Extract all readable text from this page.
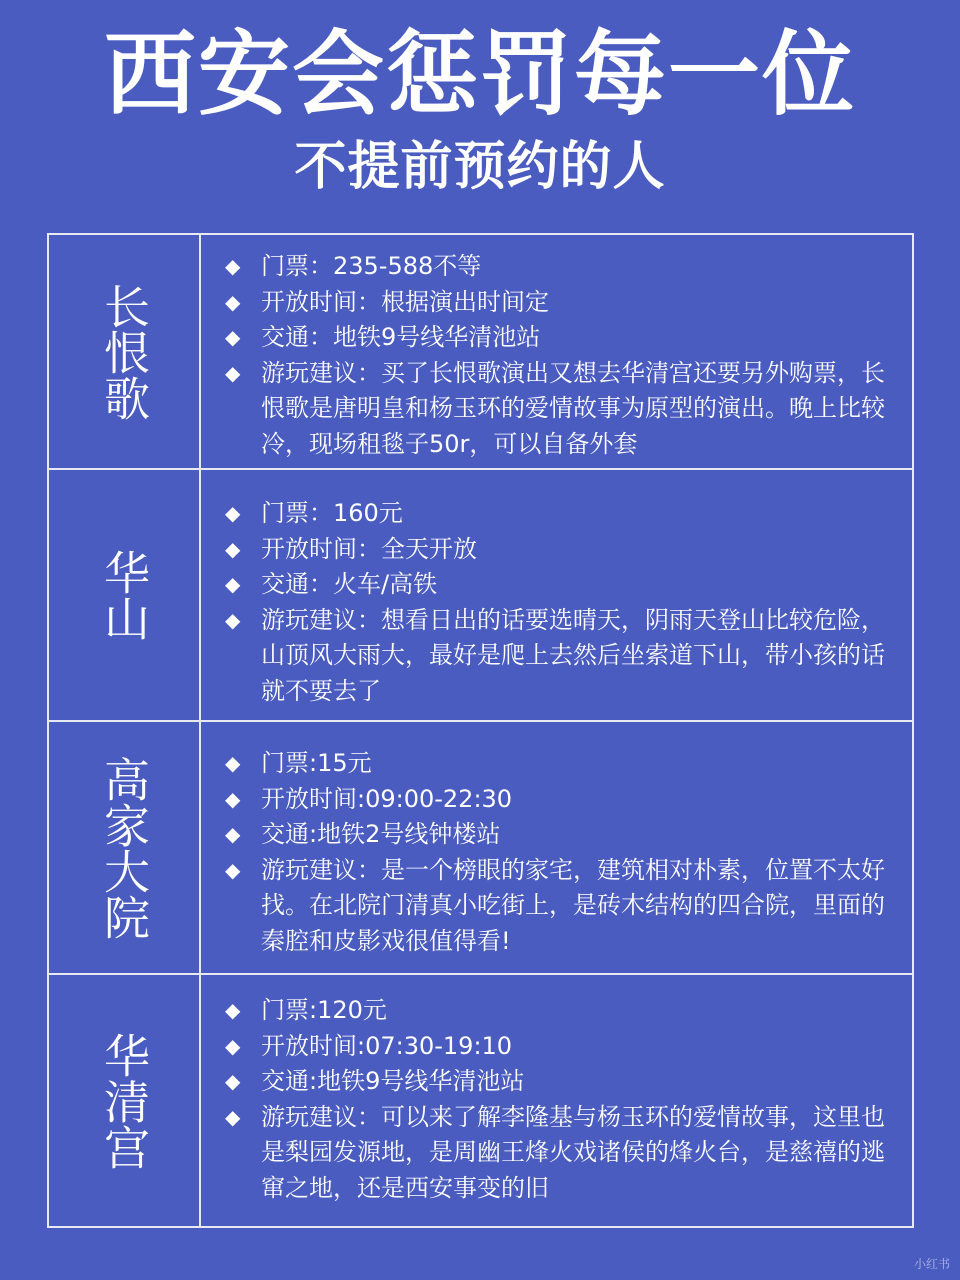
西安会惩罚每一位
不提前预约的人
长恨歌
◆ 门票：235-588不等
◆ 开放时间：根据演出时间定
◆ 交通：地铁9号线华清池站
◆ 游玩建议：买了长恨歌演出又想去华清宫还要另外购票，长恨歌是唐明皇和杨玉环的爱情故事为原型的演出。晚上比较冷，现场租毯子50r，可以自备外套
华山
◆ 门票：160元
◆ 开放时间：全天开放
◆ 交通：火车/高铁
◆ 游玩建议：想看日出的话要选晴天，阴雨天登山比较危险，山顶风大雨大，最好是爬上去然后坐索道下山，带小孩的话就不要去了
高家大院	◆ 门票:15元
◆ 开放时间:09:00-22:30
◆ 交通:地铁2号线钟楼站
◆ 游玩建议：是一个榜眼的家宅，建筑相对朴素，位置不太好找。在北院门清真小吃街上，是砖木结构的四合院，里面的秦腔和皮影戏很值得看!
华清宫
◆ 门票:120元
◆ 开放时间:07:30-19:10
◆ 交通:地铁9号线华清池站
◆ 游玩建议：可以来了解李隆基与杨玉环的爱情故事，这里也是梨园发源地，是周幽王烽火戏诸侯的烽火台，是慈禧的逃窜之地，还是西安事变的旧
小红书
